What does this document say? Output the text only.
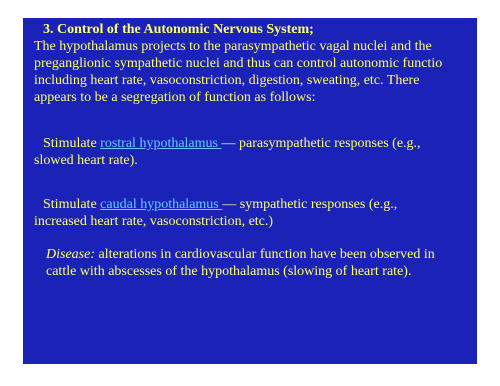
3. Control of the Autonomic Nervous System;
The hypothalamus projects to the parasympathetic vagal nuclei and the
preganglionic sympathetic nuclei and thus can control autonomic functio
including heart rate, vasoconstriction, digestion, sweating, etc. There
appears to be a segregation of function as follows:
Stimulate rostral hypothalamus — parasympathetic responses (e.g.,
slowed heart rate).
Stimulate caudal hypothalamus — sympathetic responses (e.g.,
increased heart rate, vasoconstriction, etc.)
Disease: alterations in cardiovascular function have been observed in
cattle with abscesses of the hypothalamus (slowing of heart rate).
